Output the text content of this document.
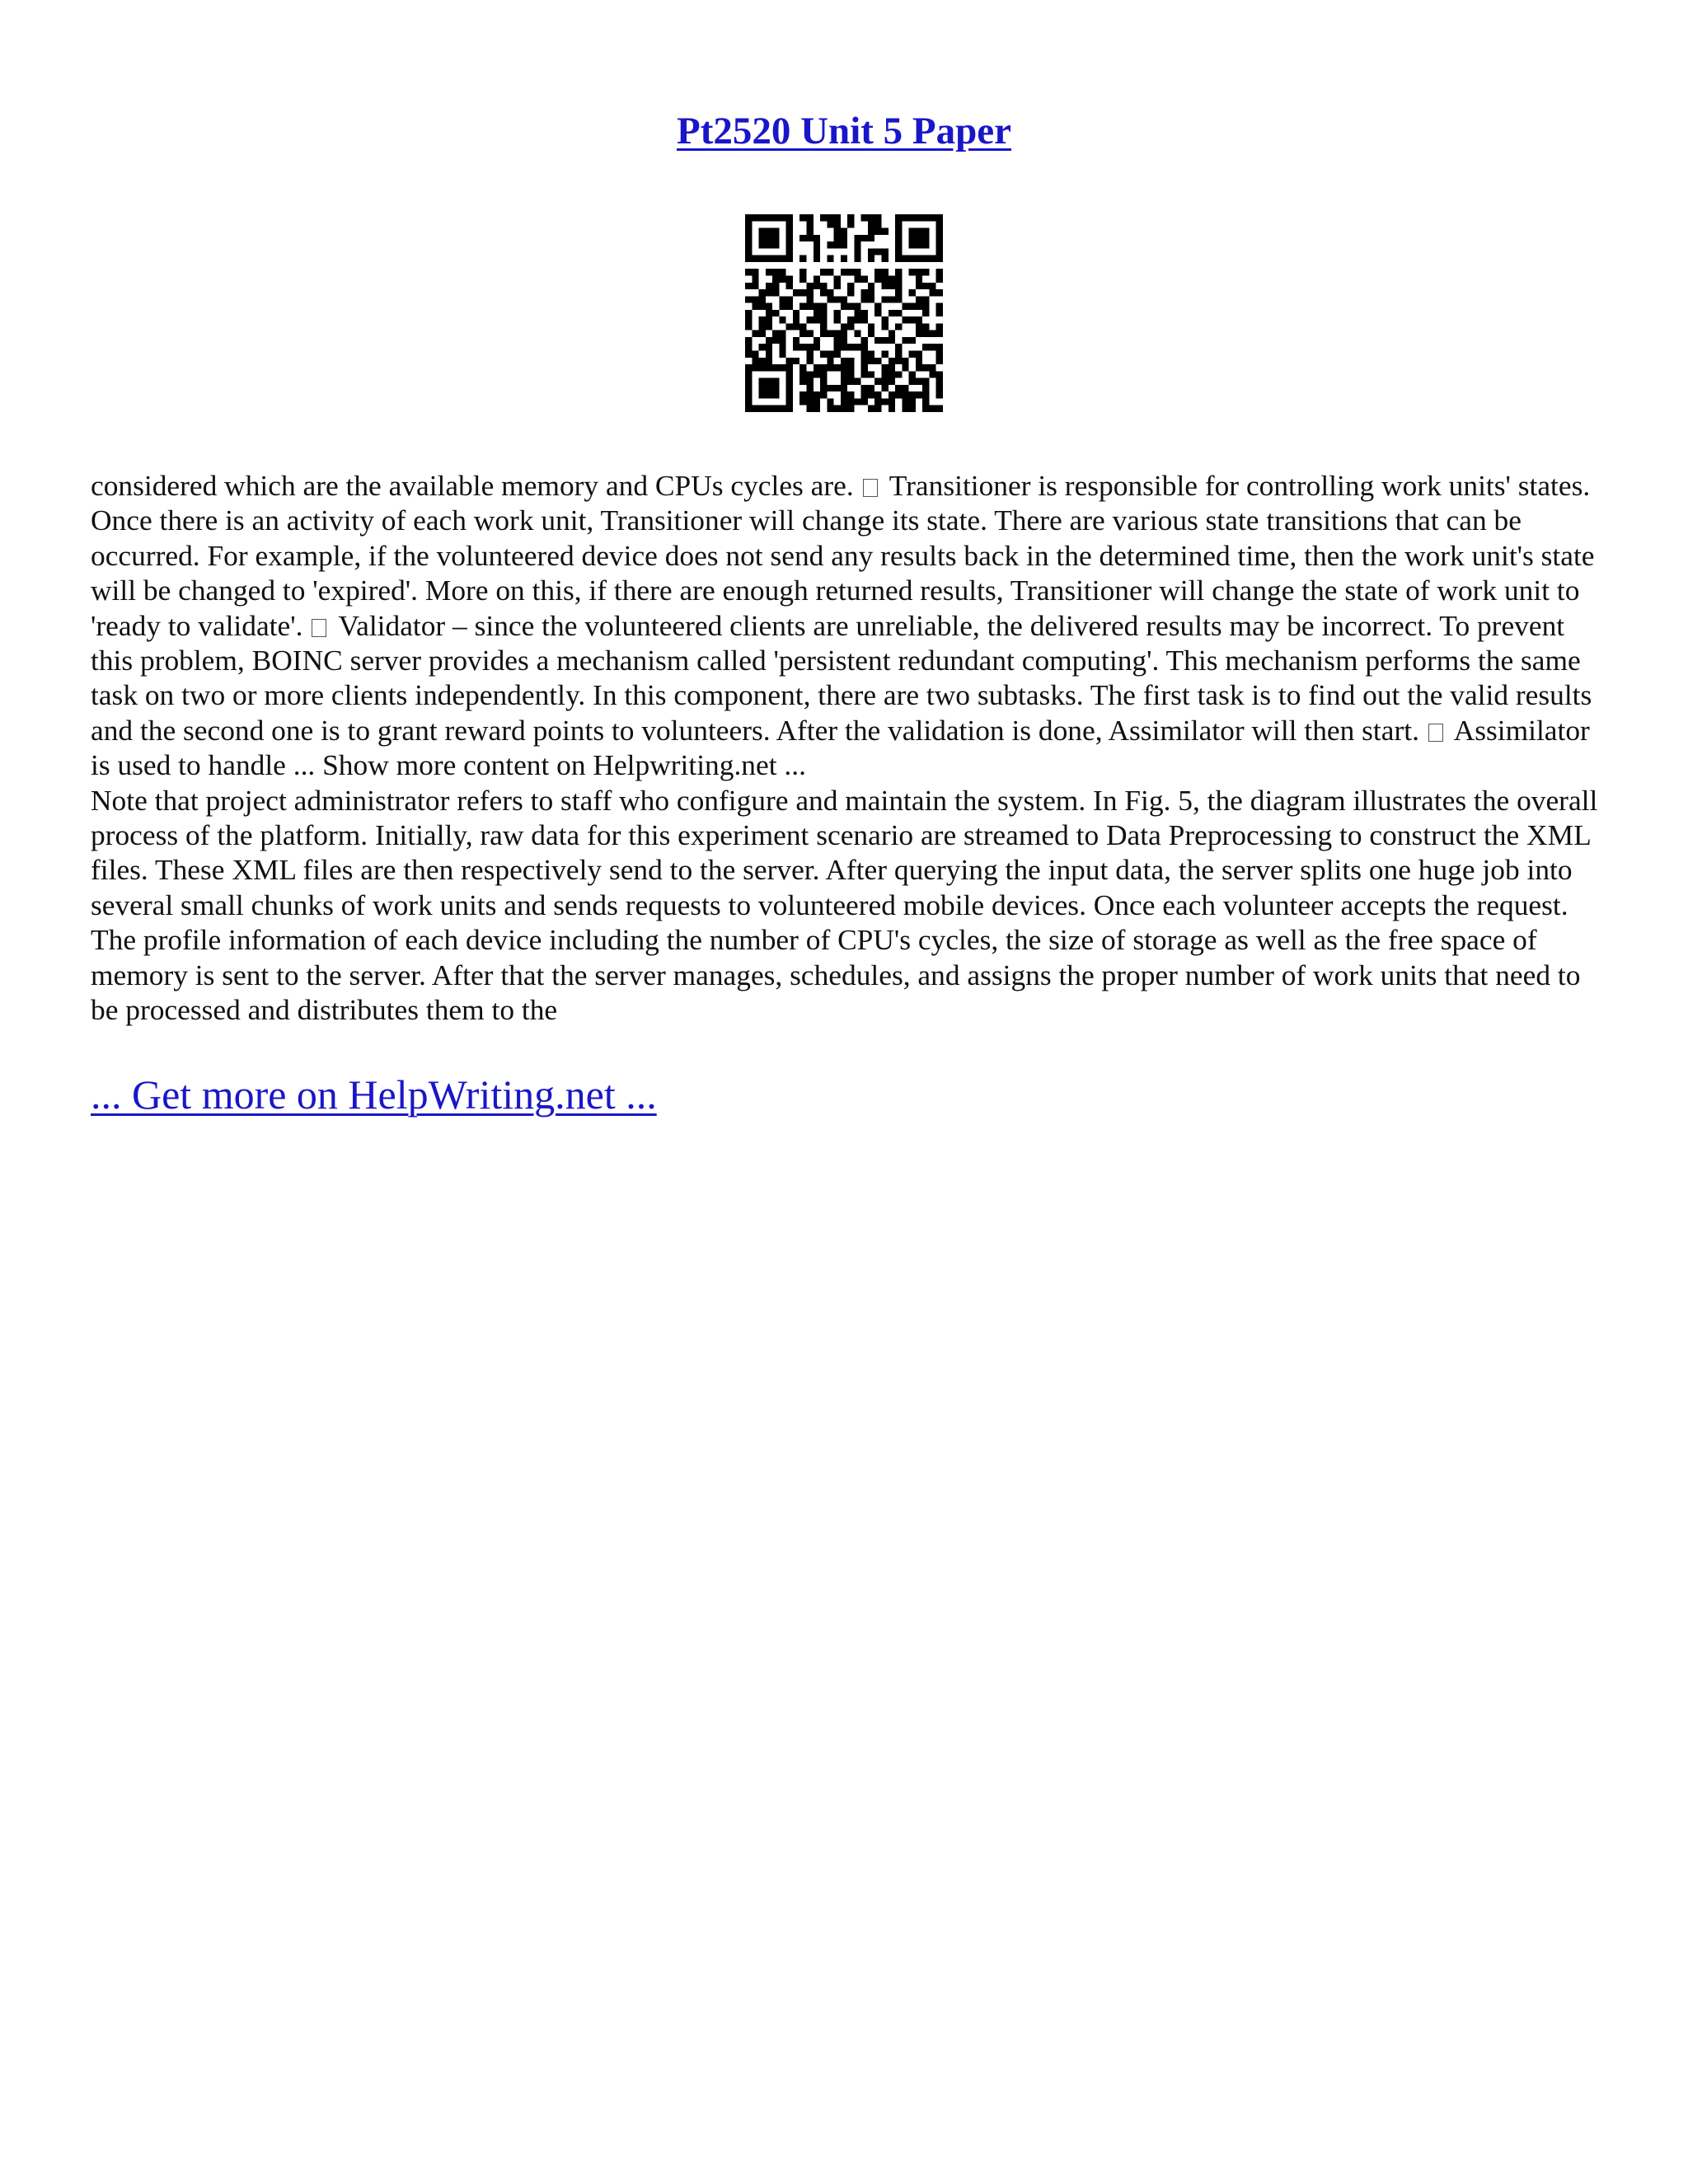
Pt2520 Unit 5 Paper

considered which are the available memory and CPUs cycles are.  Transitioner is responsible for controlling work units' states. Once there is an activity of each work unit, Transitioner will change its state. There are various state transitions that can be occurred. For example, if the volunteered device does not send any results back in the determined time, then the work unit's state will be changed to 'expired'. More on this, if there are enough returned results, Transitioner will change the state of work unit to 'ready to validate'.  Validator – since the volunteered clients are unreliable, the delivered results may be incorrect. To prevent this problem, BOINC server provides a mechanism called 'persistent redundant computing'. This mechanism performs the same task on two or more clients independently. In this component, there are two subtasks. The first task is to find out the valid results and the second one is to grant reward points to volunteers. After the validation is done, Assimilator will then start.  Assimilator is used to handle ... Show more content on Helpwriting.net ...

Note that project administrator refers to staff who configure and maintain the system. In Fig. 5, the diagram illustrates the overall process of the platform. Initially, raw data for this experiment scenario are streamed to Data Preprocessing to construct the XML files. These XML files are then respectively send to the server. After querying the input data, the server splits one huge job into several small chunks of work units and sends requests to volunteered mobile devices. Once each volunteer accepts the request. The profile information of each device including the number of CPU's cycles, the size of storage as well as the free space of memory is sent to the server. After that the server manages, schedules, and assigns the proper number of work units that need to be processed and distributes them to the

... Get more on HelpWriting.net ...
